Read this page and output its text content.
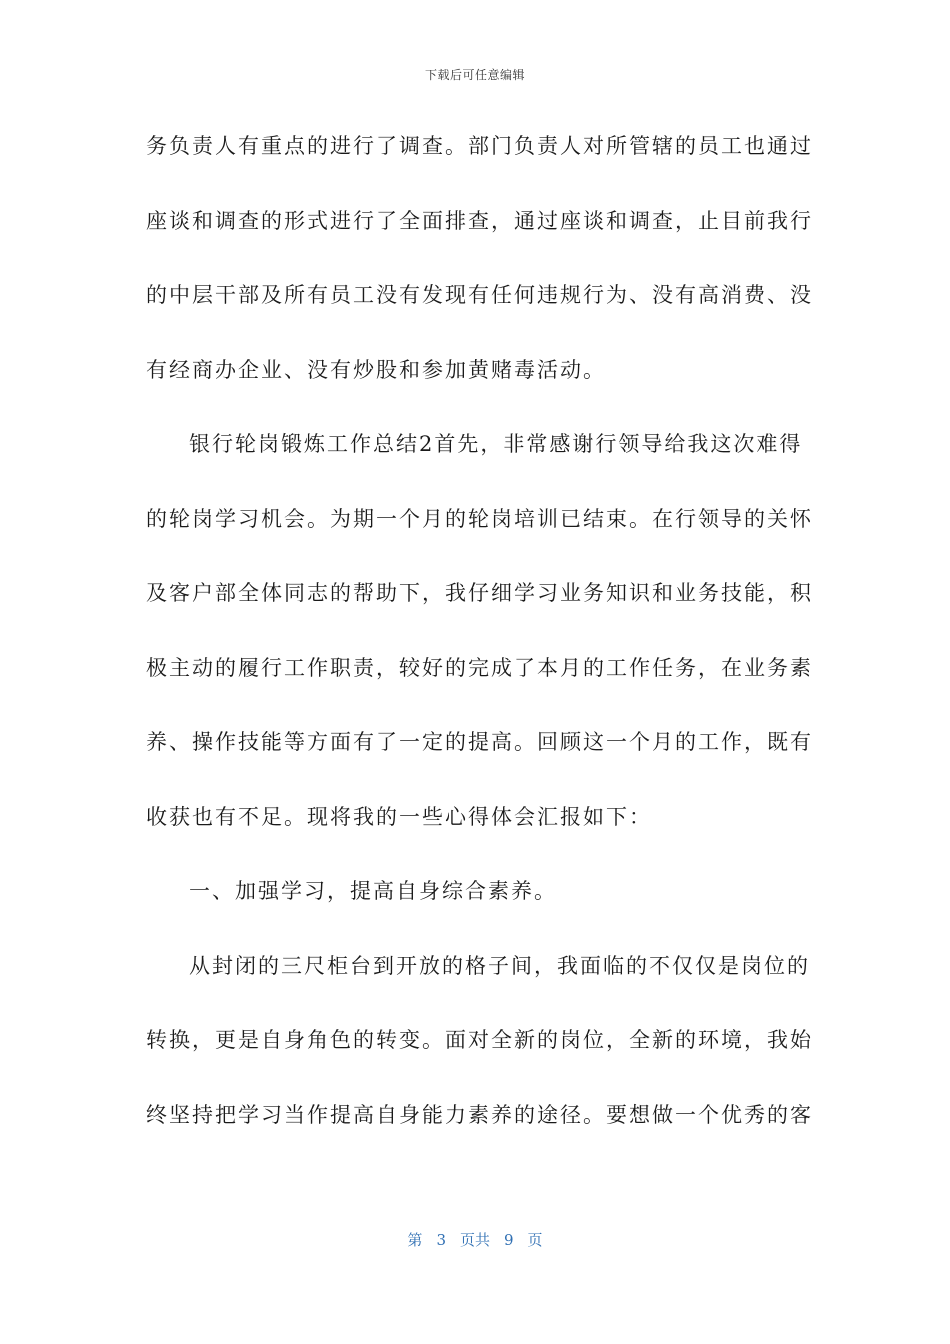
下载后可任意编辑
务负责人有重点的进行了调查。部门负责人对所管辖的员工也通过
座谈和调查的形式进行了全面排查，通过座谈和调查，止目前我行
的中层干部及所有员工没有发现有任何违规行为、没有高消费、没
有经商办企业、没有炒股和参加黄赌毒活动。
银行轮岗锻炼工作总结2首先，非常感谢行领导给我这次难得
的轮岗学习机会。为期一个月的轮岗培训已结束。在行领导的关怀
及客户部全体同志的帮助下，我仔细学习业务知识和业务技能，积
极主动的履行工作职责，较好的完成了本月的工作任务，在业务素
养、操作技能等方面有了一定的提高。回顾这一个月的工作，既有
收获也有不足。现将我的一些心得体会汇报如下：
一、加强学习，提高自身综合素养。
从封闭的三尺柜台到开放的格子间，我面临的不仅仅是岗位的
转换，更是自身角色的转变。面对全新的岗位，全新的环境，我始
终坚持把学习当作提高自身能力素养的途径。要想做一个优秀的客
第 3 页共 9 页
